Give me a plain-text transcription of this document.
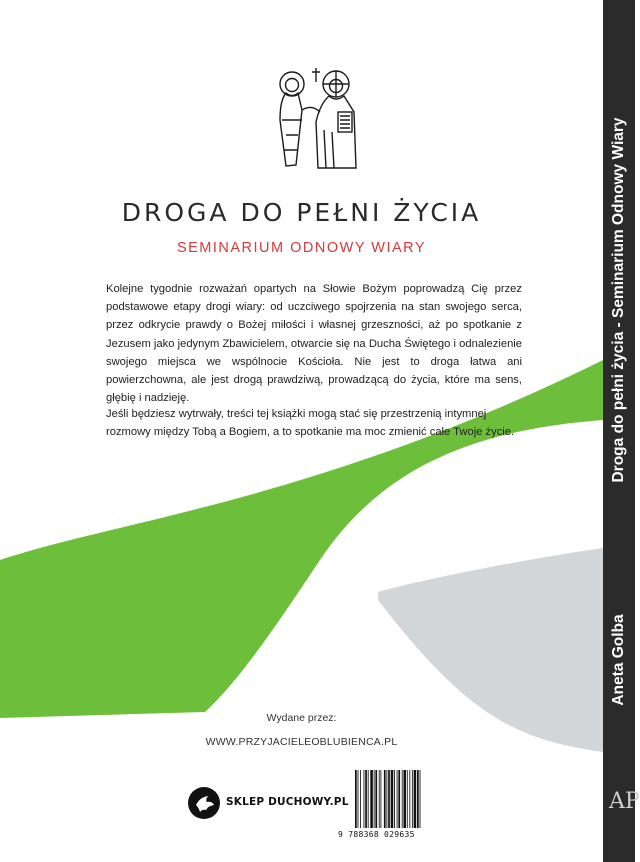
DROGA DO PEŁNI ŻYCIA
SEMINARIUM ODNOWY WIARY
Kolejne tygodnie rozważań opartych na Słowie Bożym poprowadzą Cię przez podstawowe etapy drogi wiary: od uczciwego spojrzenia na stan swojego serca, przez odkrycie prawdy o Bożej miłości i własnej grzeszności, aż po spotkanie z Jezusem jako jedynym Zbawicielem, otwarcie się na Ducha Świętego i odnalezienie swojego miejsca we wspólnocie Kościoła. Nie jest to droga łatwa ani powierzchowna, ale jest drogą prawdziwą, prowadzącą do życia, które ma sens, głębię i nadzieję.
Jeśli będziesz wytrwały, treści tej książki mogą stać się przestrzenią intymnej rozmowy między Tobą a Bogiem, a to spotkanie ma moc zmienić całe Twoje życie.
Wydane przez:
WWW.PRZYJACIELEOBLUBIENCA.PL
SKLEP DUCHOWY.PL
9 788368 029635
Droga do pełni życia - Seminarium Odnowy Wiary
Aneta Golba
AP
